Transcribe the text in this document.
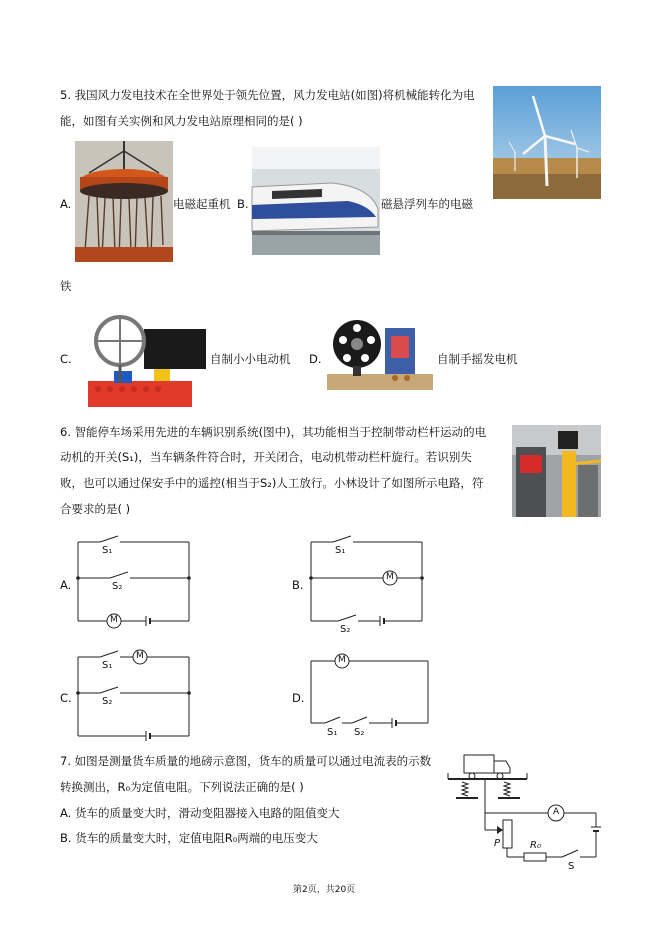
5. 我国风力发电技术在全世界处于领先位置，风力发电站(如图)将机械能转化为电
能，如图有关实例和风力发电站原理相同的是( )
A.	电磁起重机 B.	磁悬浮列车的电磁
铁
C.	自制小小电动机 D.	自制手摇发电机
6. 智能停车场采用先进的车辆识别系统(图中)，其功能相当于控制带动栏杆运动的电
动机的开关(S₁)，当车辆条件符合时，开关闭合，电动机带动栏杆旋行。若识别失
败，也可以通过保安手中的遥控(相当于S₂)人工放行。小林设计了如图所示电路，符
合要求的是( )
A.
S₁
S₂
M
B.
S₁
S₂
M
C.
S₁
S₂
M
D.
S₁ S₂
M
7. 如图是测量货车质量的地磅示意图，货车的质量可以通过电流表的示数
转换测出，R₀为定值电阻。下列说法正确的是( )
A. 货车的质量变大时，滑动变阻器接入电路的阻值变大
B. 货车的质量变大时，定值电阻R₀两端的电压变大
A
P	R₀
S
第2页，共20页
